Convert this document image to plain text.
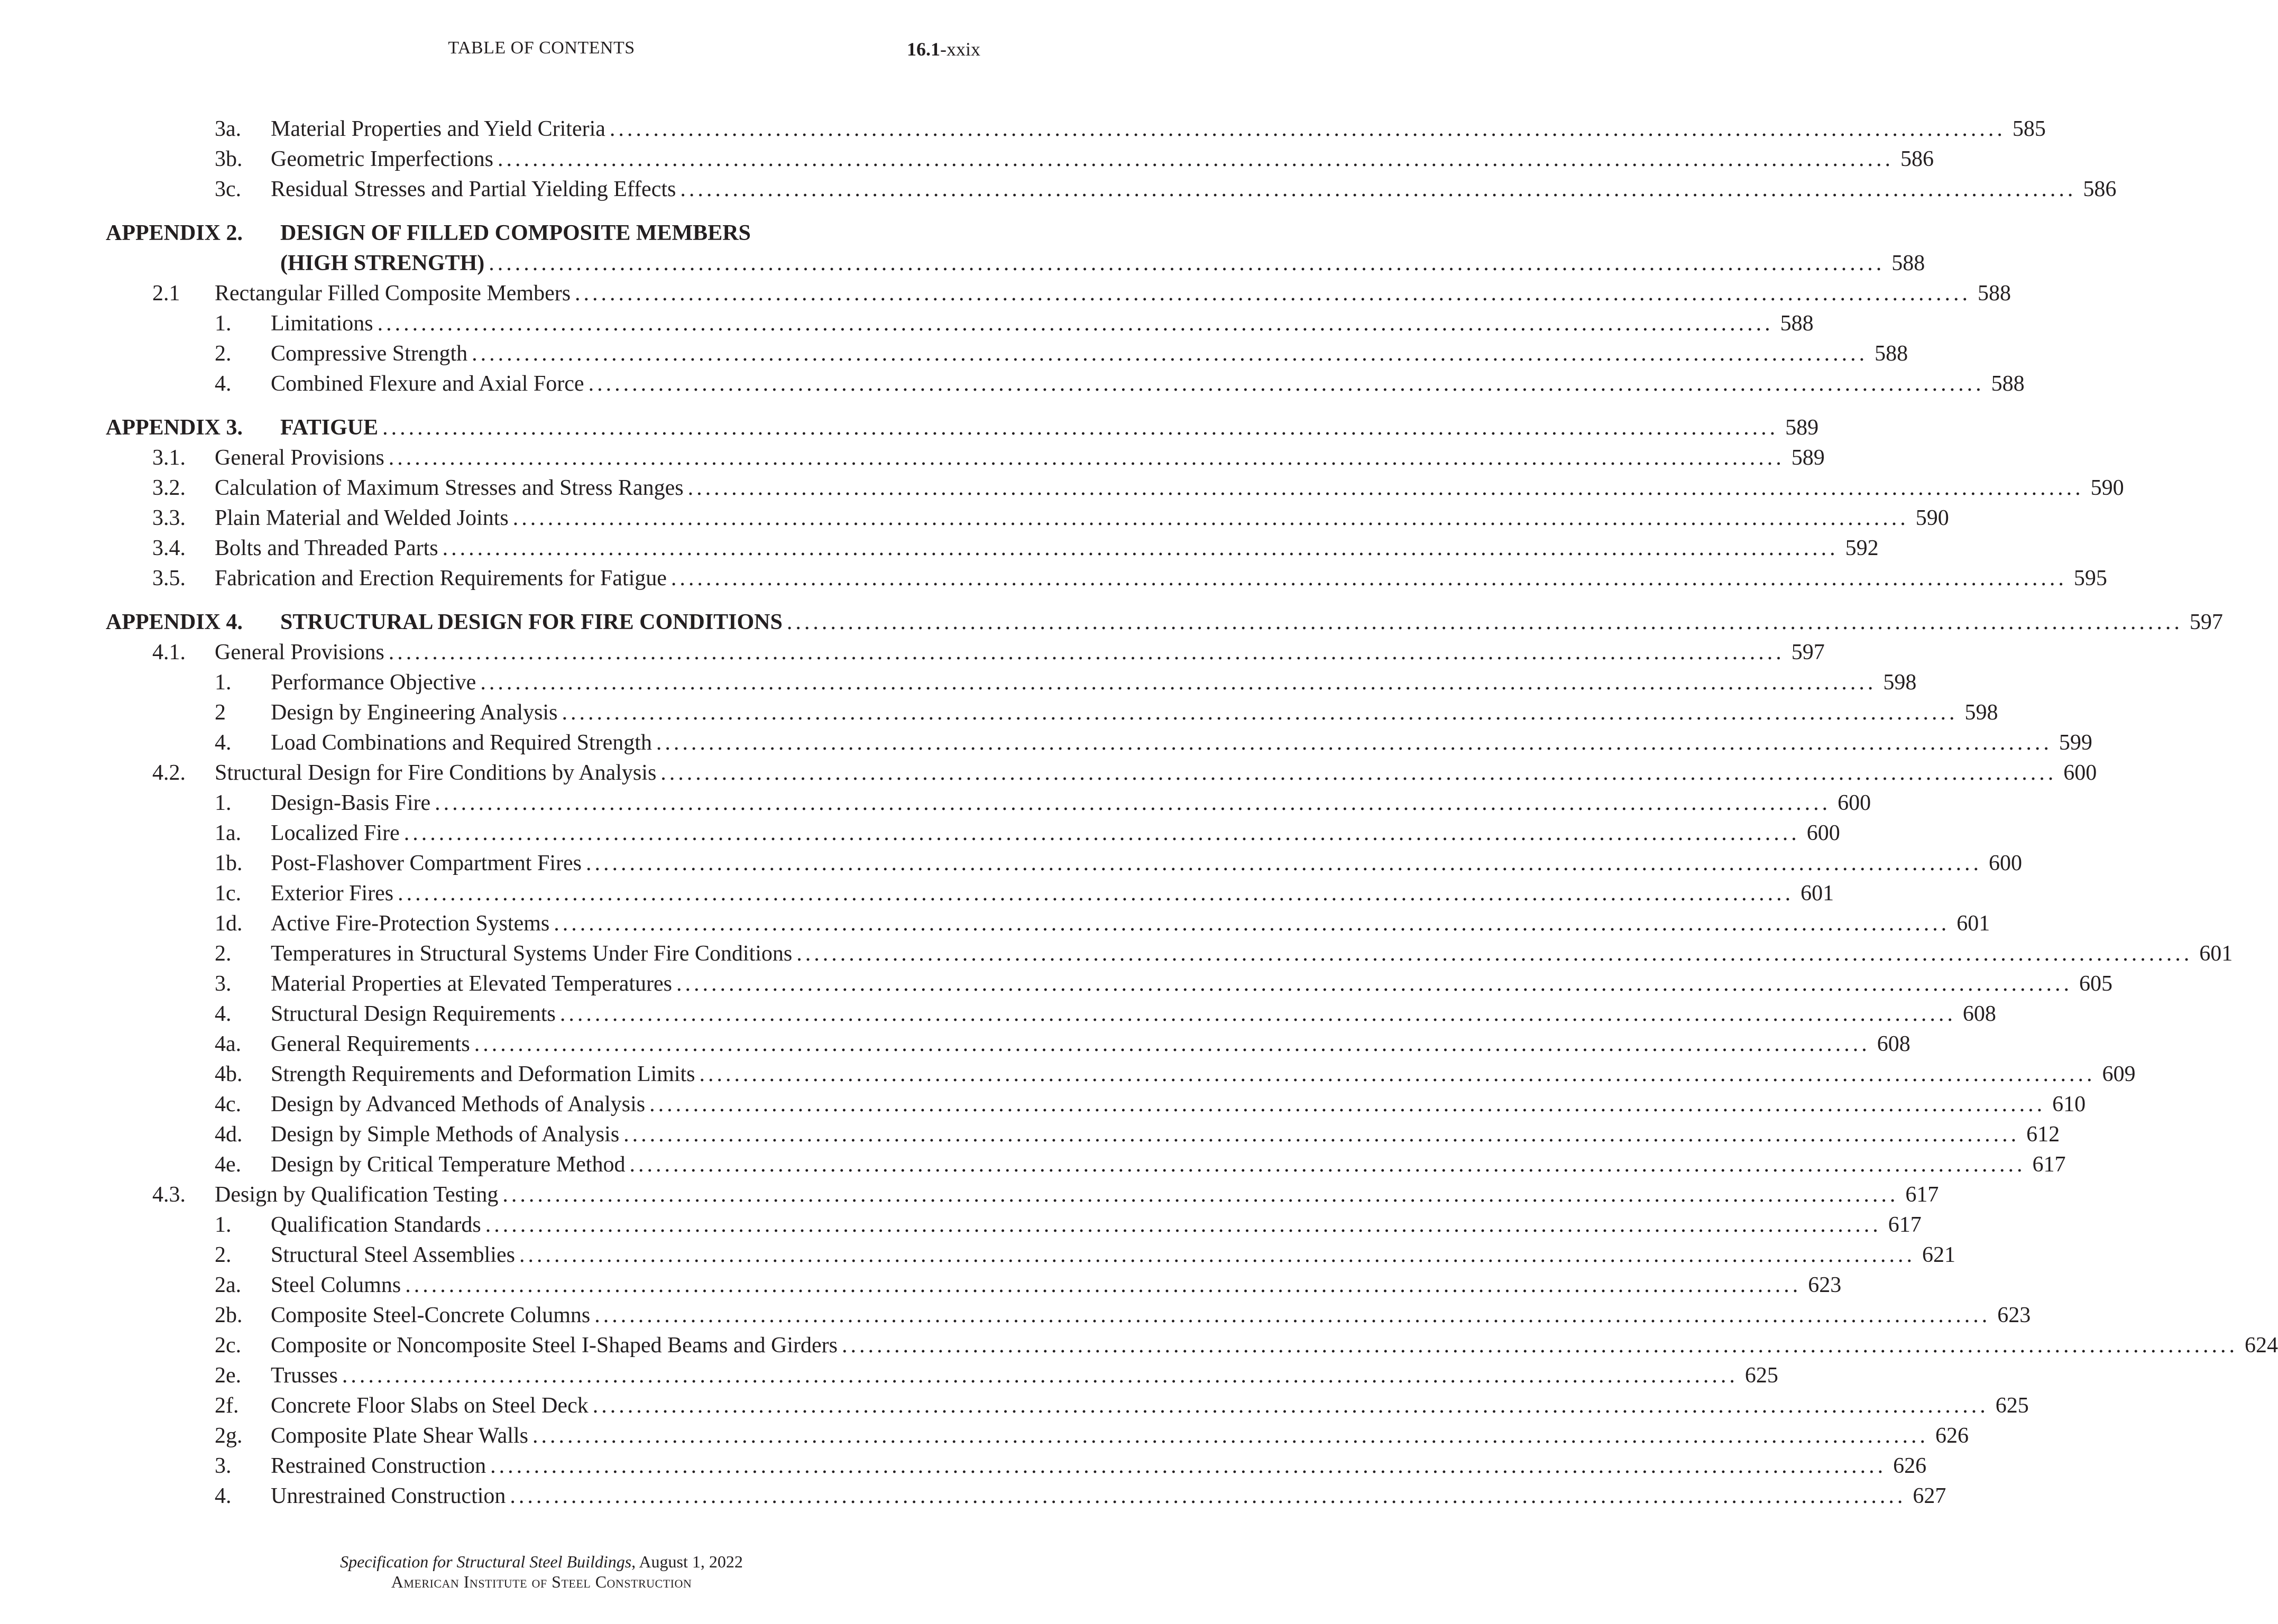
TABLE OF CONTENTS	16.1-xxix
3a. Material Properties and Yield Criteria ................................................................................................................................................................ 585
3b. Geometric Imperfections ................................................................................................................................................................ 586
3c. Residual Stresses and Partial Yielding Effects ................................................................................................................................................................ 586
APPENDIX 2. DESIGN OF FILLED COMPOSITE MEMBERS
(HIGH STRENGTH) ................................................................................................................................................................ 588
2.1 Rectangular Filled Composite Members ................................................................................................................................................................ 588
1. Limitations ................................................................................................................................................................ 588
2. Compressive Strength ................................................................................................................................................................ 588
4. Combined Flexure and Axial Force ................................................................................................................................................................ 588
APPENDIX 3. FATIGUE ................................................................................................................................................................ 589
3.1. General Provisions ................................................................................................................................................................ 589
3.2. Calculation of Maximum Stresses and Stress Ranges ................................................................................................................................................................ 590
3.3. Plain Material and Welded Joints ................................................................................................................................................................ 590
3.4. Bolts and Threaded Parts ................................................................................................................................................................ 592
3.5. Fabrication and Erection Requirements for Fatigue ................................................................................................................................................................ 595
APPENDIX 4. STRUCTURAL DESIGN FOR FIRE CONDITIONS ................................................................................................................................................................ 597
4.1. General Provisions ................................................................................................................................................................ 597
1. Performance Objective ................................................................................................................................................................ 598
2 Design by Engineering Analysis ................................................................................................................................................................ 598
4. Load Combinations and Required Strength ................................................................................................................................................................ 599
4.2. Structural Design for Fire Conditions by Analysis ................................................................................................................................................................ 600
1. Design-Basis Fire ................................................................................................................................................................ 600
1a. Localized Fire ................................................................................................................................................................ 600
1b. Post-Flashover Compartment Fires ................................................................................................................................................................ 600
1c. Exterior Fires ................................................................................................................................................................ 601
1d. Active Fire-Protection Systems ................................................................................................................................................................ 601
2. Temperatures in Structural Systems Under Fire Conditions ................................................................................................................................................................ 601
3. Material Properties at Elevated Temperatures ................................................................................................................................................................ 605
4. Structural Design Requirements ................................................................................................................................................................ 608
4a. General Requirements ................................................................................................................................................................ 608
4b. Strength Requirements and Deformation Limits ................................................................................................................................................................ 609
4c. Design by Advanced Methods of Analysis ................................................................................................................................................................ 610
4d. Design by Simple Methods of Analysis ................................................................................................................................................................ 612
4e. Design by Critical Temperature Method ................................................................................................................................................................ 617
4.3. Design by Qualification Testing ................................................................................................................................................................ 617
1. Qualification Standards ................................................................................................................................................................ 617
2. Structural Steel Assemblies ................................................................................................................................................................ 621
2a. Steel Columns ................................................................................................................................................................ 623
2b. Composite Steel-Concrete Columns ................................................................................................................................................................ 623
2c. Composite or Noncomposite Steel I-Shaped Beams and Girders ................................................................................................................................................................ 624
2e. Trusses ................................................................................................................................................................ 625
2f. Concrete Floor Slabs on Steel Deck ................................................................................................................................................................ 625
2g. Composite Plate Shear Walls ................................................................................................................................................................ 626
3. Restrained Construction ................................................................................................................................................................ 626
4. Unrestrained Construction ................................................................................................................................................................ 627
Specification for Structural Steel Buildings, August 1, 2022
American Institute of Steel Construction
